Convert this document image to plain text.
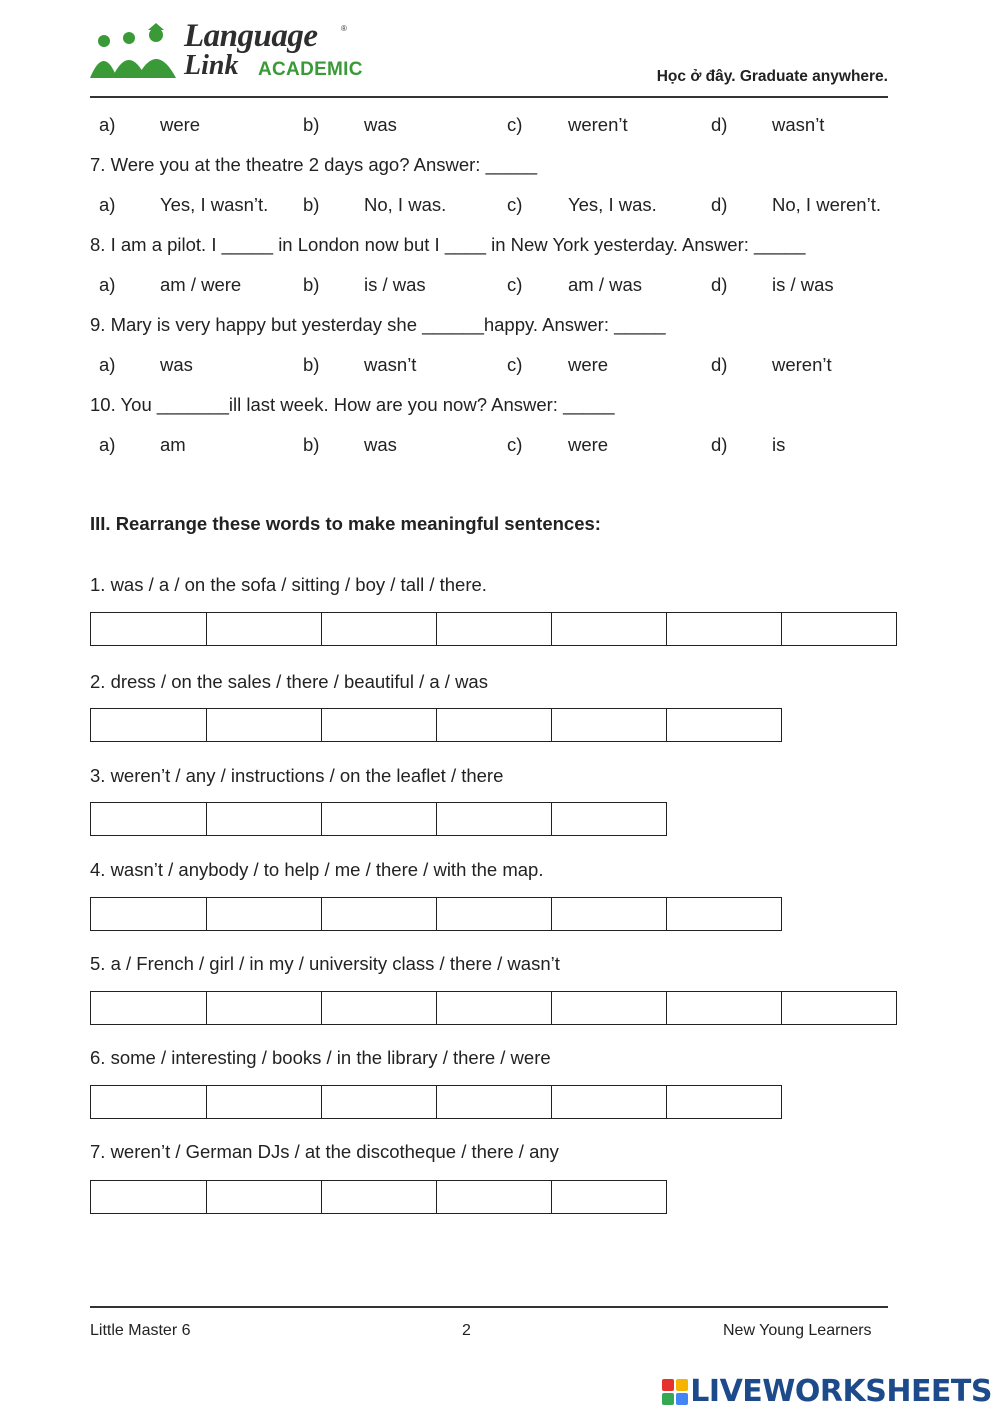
Language
Link ACADEMIC
®
Học ở đây. Graduate anywhere.
7. Were you at the theatre 2 days ago? Answer: _____
8. I am a pilot. I _____ in London now but I ____ in New York yesterday. Answer: _____
9. Mary is very happy but yesterday she ______happy. Answer: _____
10. You _______ill last week. How are you now? Answer: _____
a) were	b) was	c) weren’t	d) wasn’t
a) Yes, I wasn’t. b) No, I was.	c) Yes, I was.	d) No, I weren’t.
a) am / were	b) is / was	c) am / was	d) is / was
a) was	b) wasn’t	c) were	d) weren’t
a) am	b) was	c) were	d) is
III. Rearrange these words to make meaningful sentences:
1. was / a / on the sofa / sitting / boy / tall / there.
2. dress / on the sales / there / beautiful / a / was
3. weren’t / any / instructions / on the leaflet / there
4. wasn’t / anybody / to help / me / there / with the map.
5. a / French / girl / in my / university class / there / wasn’t
6. some / interesting / books / in the library / there / were
7. weren’t / German DJs / at the discotheque / there / any
Little Master 6	2	New Young Learners
LIVEWORKSHEETS
